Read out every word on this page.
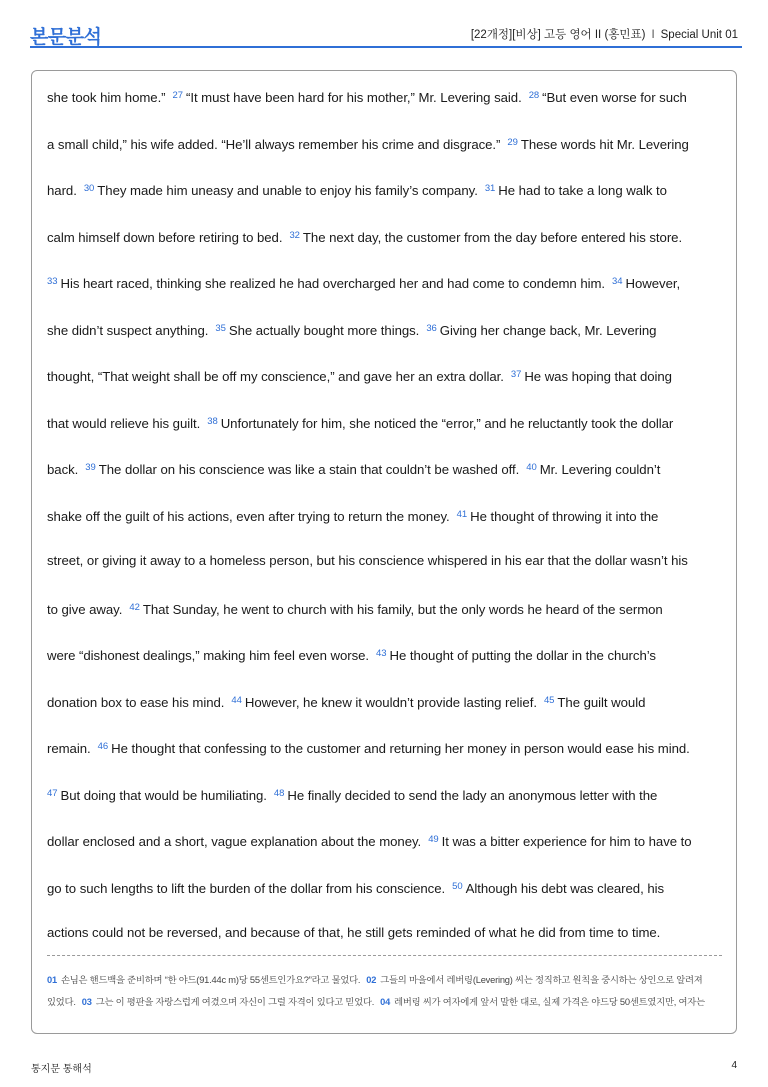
본문분석	[22개정][비상] 고등 영어 II (홍민표) I Special Unit 01
she took him home.” $^{27}$ “It must have been hard for his mother,” Mr. Levering said. $^{28}$ “But even worse for such
a small child,” his wife added. “He’ll always remember his crime and disgrace.” $^{29}$ These words hit Mr. Levering
hard. $^{30}$ They made him uneasy and unable to enjoy his family’s company. $^{31}$ He had to take a long walk to
calm himself down before retiring to bed. $^{32}$ The next day, the customer from the day before entered his store.
$^{33}$ His heart raced, thinking she realized he had overcharged her and had come to condemn him. $^{34}$ However,
she didn’t suspect anything. $^{35}$ She actually bought more things. $^{36}$ Giving her change back, Mr. Levering
thought, “That weight shall be off my conscience,” and gave her an extra dollar. $^{37}$ He was hoping that doing
that would relieve his guilt. $^{38}$ Unfortunately for him, she noticed the “error,” and he reluctantly took the dollar
back. $^{39}$ The dollar on his conscience was like a stain that couldn’t be washed off. $^{40}$ Mr. Levering couldn’t
shake off the guilt of his actions, even after trying to return the money. $^{41}$ He thought of throwing it into the
street, or giving it away to a homeless person, but his conscience whispered in his ear that the dollar wasn’t his
to give away. $^{42}$ That Sunday, he went to church with his family, but the only words he heard of the sermon
were “dishonest dealings,” making him feel even worse. $^{43}$ He thought of putting the dollar in the church’s
donation box to ease his mind. $^{44}$ However, he knew it wouldn’t provide lasting relief. $^{45}$ The guilt would
remain. $^{46}$ He thought that confessing to the customer and returning her money in person would ease his mind.
$^{47}$ But doing that would be humiliating. $^{48}$ He finally decided to send the lady an anonymous letter with the
dollar enclosed and a short, vague explanation about the money. $^{49}$ It was a bitter experience for him to have to
go to such lengths to lift the burden of the dollar from his conscience. $^{50}$ Although his debt was cleared, his
actions could not be reversed, and because of that, he still gets reminded of what he did from time to time.
01 손님은 핸드백을 준비하며 “한 야드(91.44c m)당 55센트인가요?”라고 물었다. 02 그들의 마을에서 레버링(Levering) 씨는 정직하고 원칙을 중시하는 상인으로 알려져
있었다. 03 그는 이 평판을 자랑스럽게 여겼으며 자신이 그럴 자격이 있다고 믿었다. 04 레버링 씨가 여자에게 앞서 말한 대로, 실제 가격은 야드당 50센트였지만, 여자는
통지문 통해석	4
